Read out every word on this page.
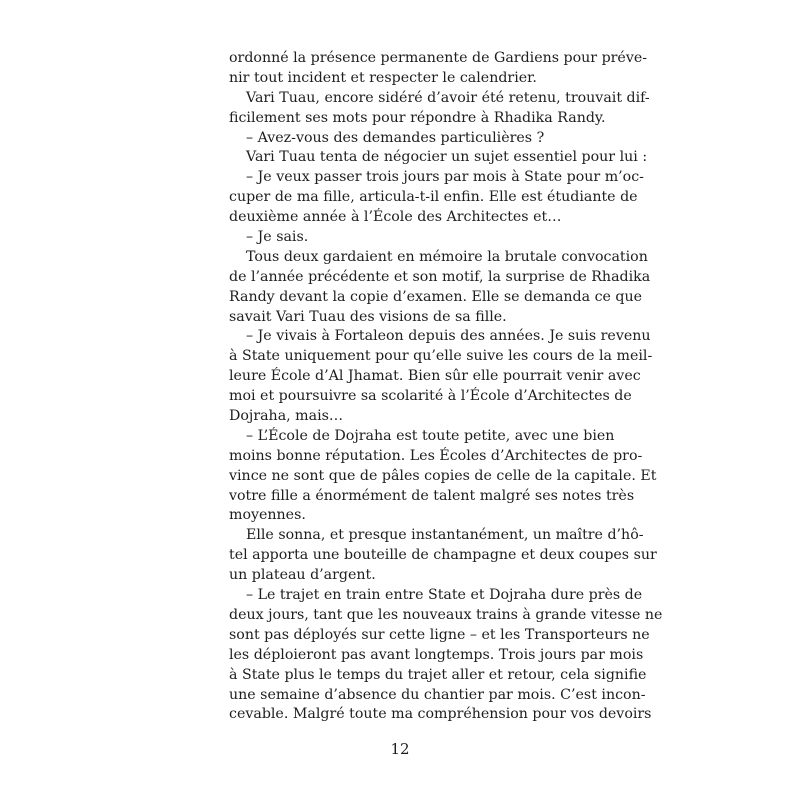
ordonné la présence permanente de Gardiens pour préve-
nir tout incident et respecter le calendrier.
Vari Tuau, encore sidéré d’avoir été retenu, trouvait dif-
ficilement ses mots pour répondre à Rhadika Randy.
– Avez-vous des demandes particulières ?
Vari Tuau tenta de négocier un sujet essentiel pour lui :
– Je veux passer trois jours par mois à State pour m’oc-
cuper de ma fille, articula-t-il enfin. Elle est étudiante de
deuxième année à l’École des Architectes et…
– Je sais.
Tous deux gardaient en mémoire la brutale convocation
de l’année précédente et son motif, la surprise de Rhadika
Randy devant la copie d’examen. Elle se demanda ce que
savait Vari Tuau des visions de sa fille.
– Je vivais à Fortaleon depuis des années. Je suis revenu
à State uniquement pour qu’elle suive les cours de la meil-
leure École d’Al Jhamat. Bien sûr elle pourrait venir avec
moi et poursuivre sa scolarité à l’École d’Architectes de
Dojraha, mais…
– L’École de Dojraha est toute petite, avec une bien
moins bonne réputation. Les Écoles d’Architectes de pro-
vince ne sont que de pâles copies de celle de la capitale. Et
votre fille a énormément de talent malgré ses notes très
moyennes.
Elle sonna, et presque instantanément, un maître d’hô-
tel apporta une bouteille de champagne et deux coupes sur
un plateau d’argent.
– Le trajet en train entre State et Dojraha dure près de
deux jours, tant que les nouveaux trains à grande vitesse ne
sont pas déployés sur cette ligne – et les Transporteurs ne
les déploieront pas avant longtemps. Trois jours par mois
à State plus le temps du trajet aller et retour, cela signifie
une semaine d’absence du chantier par mois. C’est incon-
cevable. Malgré toute ma compréhension pour vos devoirs
12
